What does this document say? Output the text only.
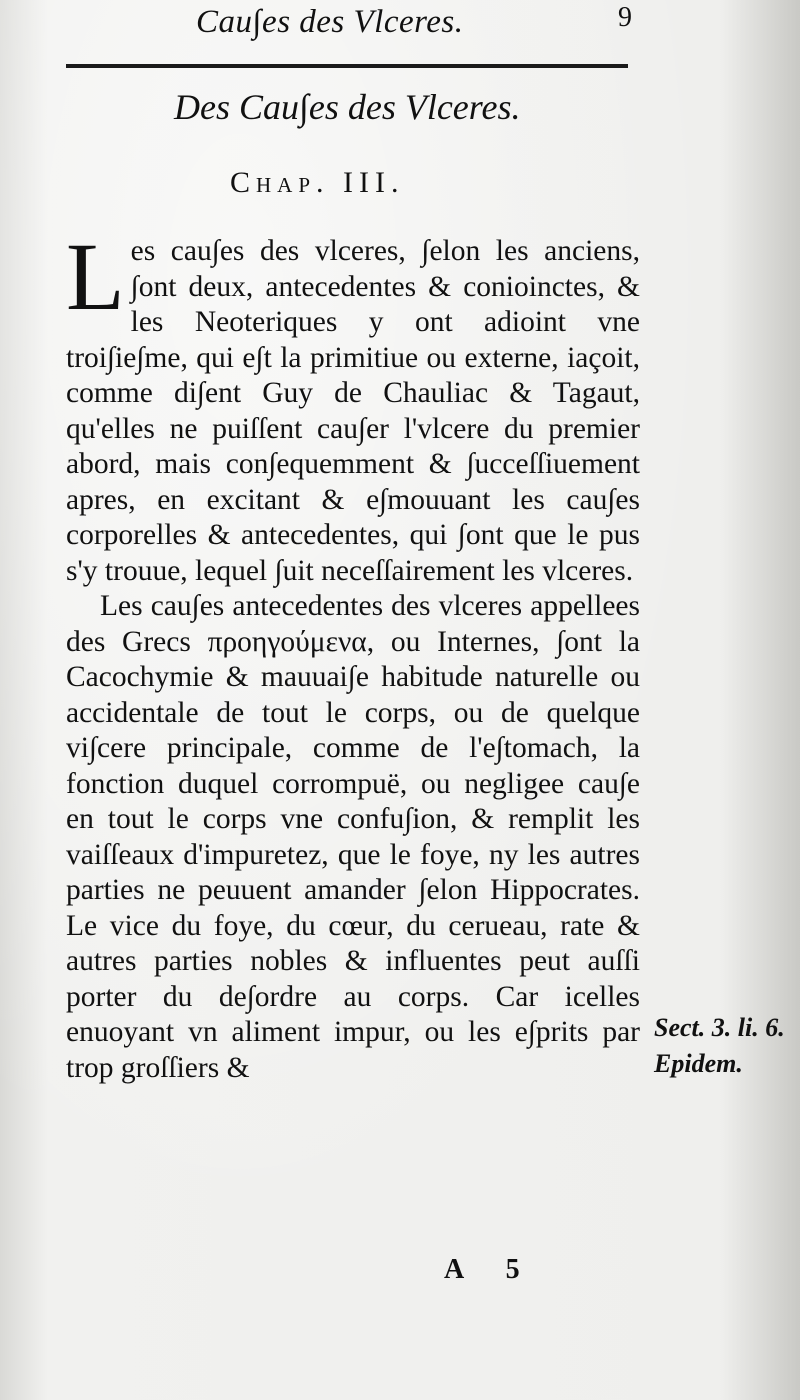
Cau∫es des Vlceres.	9
Des Cau∫es des Vlceres.
Chap. III.

Les cau∫es des vlceres, ∫elon les anciens, ∫ont deux, antecedentes & conioinctes, & les Neoteriques y ont adioint vne troi∫ie∫me, qui e∫t la primitiue ou externe, iaçoit, comme di∫ent Guy de Chauliac & Tagaut, qu'elles ne puiſſent cau∫er l'vlcere du premier abord, mais con∫equemment & ∫ucceſſiuement apres, en excitant & e∫mouuant les cau∫es corporelles & antecedentes, qui ∫ont que le pus s'y trouue, lequel ∫uit neceſſairement les vlceres.

Les cau∫es antecedentes des vlceres appellees des Grecs προηγούμενα, ou Internes, ∫ont la Cacochymie & mauuai∫e habitude naturelle ou accidentale de tout le corps, ou de quelque vi∫cere principale, comme de l'e∫tomach, la fonction duquel corrompuë, ou negligee cau∫e en tout le corps vne confu∫ion, & remplit les vaiſſeaux d'impuretez, que le foye, ny les autres parties ne peuuent amander ∫elon Hippocrates. Le vice du foye, du cœur, du cerueau, rate & autres parties nobles & influentes peut auſſi porter du de∫ordre au corps. Car icelles enuoyant vn aliment impur, ou les e∫prits par trop groſſiers &

Sect. 3. li. 6. Epidem.
A 5
